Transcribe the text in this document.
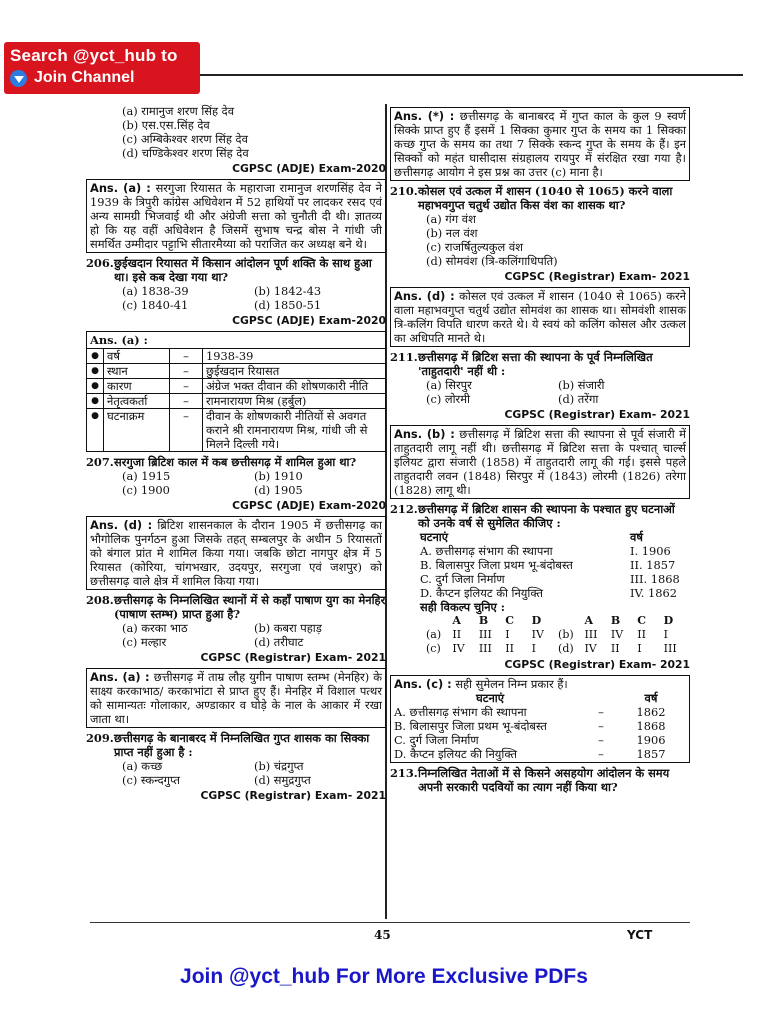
Search @yct_hub to
Join Channel
(a) रामानुज शरण सिंह देव
(b) एस.एस.सिंह देव
(c) अम्बिकेश्वर शरण सिंह देव
(d) चण्डिकेश्वर शरण सिंह देव
CGPSC (ADJE) Exam-2020
Ans. (a) : सरगुजा रियासत के महाराजा रामानुज शरणसिंह देव ने 1939 के त्रिपुरी कांग्रेस अधिवेशन में 52 हाथियों पर लादकर रसद एवं अन्य सामग्री भिजवाई थी और अंग्रेजी सत्ता को चुनौती दी थी। ज्ञातव्य हो कि यह वहीं अधिवेशन है जिसमें सुभाष चन्द्र बोस ने गांधी जी समर्थित उम्मीदार पट्टाभि सीतारमैय्या को पराजित कर अध्यक्ष बने थे।
206. छुईखदान रियासत में किसान आंदोलन पूर्ण शक्ति के साथ हुआ था। इसे कब देखा गया था?
(a) 1838-39	(b) 1842-43
(c) 1840-41	(d) 1850-51
CGPSC (ADJE) Exam-2020
Ans. (a) :
● वर्ष	–	1938-39
● स्थान	–	छुईखदान रियासत
● कारण	–	अंग्रेज भक्त दीवान की शोषणकारी नीति
● नेतृत्वकर्ता	–	रामनारायण मिश्र (हर्बुल)
● घटनाक्रम	–	दीवान के शोषणकारी नीतियों से अवगत कराने श्री रामनारायण मिश्र, गांधी जी से मिलने दिल्ली गये।
207. सरगुजा ब्रिटिश काल में कब छत्तीसगढ़ में शामिल हुआ था?
(a) 1915	(b) 1910
(c) 1900	(d) 1905
CGPSC (ADJE) Exam-2020
Ans. (d) : ब्रिटिश शासनकाल के दौरान 1905 में छत्तीसगढ़ का भौगोलिक पुनर्गठन हुआ जिसके तहत् सम्बलपुर के अधीन 5 रियासतों को बंगाल प्रांत मे शामिल किया गया। जबकि छोटा नागपुर क्षेत्र में 5 रियासत (कोरिया, चांगभखार, उदयपुर, सरगुजा एवं जशपुर) को छत्तीसगढ़ वाले क्षेत्र में शामिल किया गया।
208. छत्तीसगढ़ के निम्नलिखित स्थानों में से कहाँ पाषाण युग का मेनहिर (पाषाण स्तम्भ) प्राप्त हुआ है?
(a) करका भाठ	(b) कबरा पहाड़
(c) मल्हार	(d) तरीघाट
CGPSC (Registrar) Exam- 2021
Ans. (a) : छत्तीसगढ़ में ताम्र लौह युगीन पाषाण स्तम्भ (मेनहिर) के साक्ष्य करकाभाठ/ करकाभांटा से प्राप्त हुए हैं। मेनहिर में विशाल पत्थर को सामान्यतः गोलाकार, अण्डाकार व घोड़े के नाल के आकार में रखा जाता था।
209. छत्तीसगढ़ के बानाबरद में निम्नलिखित गुप्त शासक का सिक्का प्राप्त नहीं हुआ है :
(a) कच्छ	(b) चंद्रगुप्त
(c) स्कन्दगुप्त	(d) समुद्रगुप्त
CGPSC (Registrar) Exam- 2021
Ans. (*) : छत्तीसगढ़ के बानाबरद में गुप्त काल के कुल 9 स्वर्ण सिक्के प्राप्त हुए हैं इसमें 1 सिक्का कुमार गुप्त के समय का 1 सिक्का कच्छ गुप्त के समय का तथा 7 सिक्के स्कन्द गुप्त के समय के हैं। इन सिक्कों को महंत घासीदास संग्रहालय रायपुर में संरक्षित रखा गया है। छत्तीसगढ़ आयोग ने इस प्रश्न का उत्तर (c) माना है।
210. कोसल एवं उत्कल में शासन (1040 से 1065) करने वाला महाभवगुप्त चतुर्थ उद्योत किस वंश का शासक था?
(a) गंग वंश
(b) नल वंश
(c) राजर्षितुल्यकुल वंश
(d) सोमवंश (त्रि-कलिंगाधिपति)
CGPSC (Registrar) Exam- 2021
Ans. (d) : कोसल एवं उत्कल में शासन (1040 से 1065) करने वाला महाभवगुप्त चतुर्थ उद्योत सोमवंश का शासक था। सोमवंशी शासक त्रि-कलिंग विपति धारण करते थे। ये स्वयं को कलिंग कोसल और उत्कल का अधिपति मानते थे।
211. छत्तीसगढ़ में ब्रिटिश सत्ता की स्थापना के पूर्व निम्नलिखित 'ताहुतदारी' नहीं थी :
(a) सिरपुर	(b) संजारी
(c) लोरमी	(d) तरेंगा
CGPSC (Registrar) Exam- 2021
Ans. (b) : छत्तीसगढ़ में ब्रिटिश सत्ता की स्थापना से पूर्व संजारी में ताहुतदारी लागू नहीं थी। छत्तीसगढ़ में ब्रिटिश सत्ता के पश्चात् चार्ल्स इलियट द्वारा संजारी (1858) में ताहुतदारी लागू की गई। इससे पहले ताहुतदारी लवन (1848) सिरपुर में (1843) लोरमी (1826) तरेगा (1828) लागू थी।
212. छत्तीसगढ़ में ब्रिटिश शासन की स्थापना के पश्चात हुए घटनाओं को उनके वर्ष से सुमेलित कीजिए :
घटनाएं	वर्ष
A. छत्तीसगढ़ संभाग की स्थापना	I. 1906
B. बिलासपुर जिला प्रथम भू-बंदोबस्त	II. 1857
C. दुर्ग जिला निर्माण	III. 1868
D. कैप्टन इलियट की नियुक्ति	IV. 1862
सही विकल्प चुनिए :
A	B	C	D	A	B	C	D
(a)	II	III	I	IV	(b) III	IV	II	I
(c)	IV	III	II	I	(d) IV	II	I	III
CGPSC (Registrar) Exam- 2021
Ans. (c) : सही सुमेलन निम्न प्रकार हैं।
घटनाएं	वर्ष
A. छत्तीसगढ़ संभाग की स्थापना	–	1862
B. बिलासपुर जिला प्रथम भू-बंदोबस्त	–	1868
C. दुर्ग जिला निर्माण	–	1906
D. कैप्टन इलियट की नियुक्ति	–	1857
213. निम्नलिखित नेताओं में से किसने असहयोग आंदोलन के समय अपनी सरकारी पदवियों का त्याग नहीं किया था?
45	YCT
Join @yct_hub For More Exclusive PDFs
